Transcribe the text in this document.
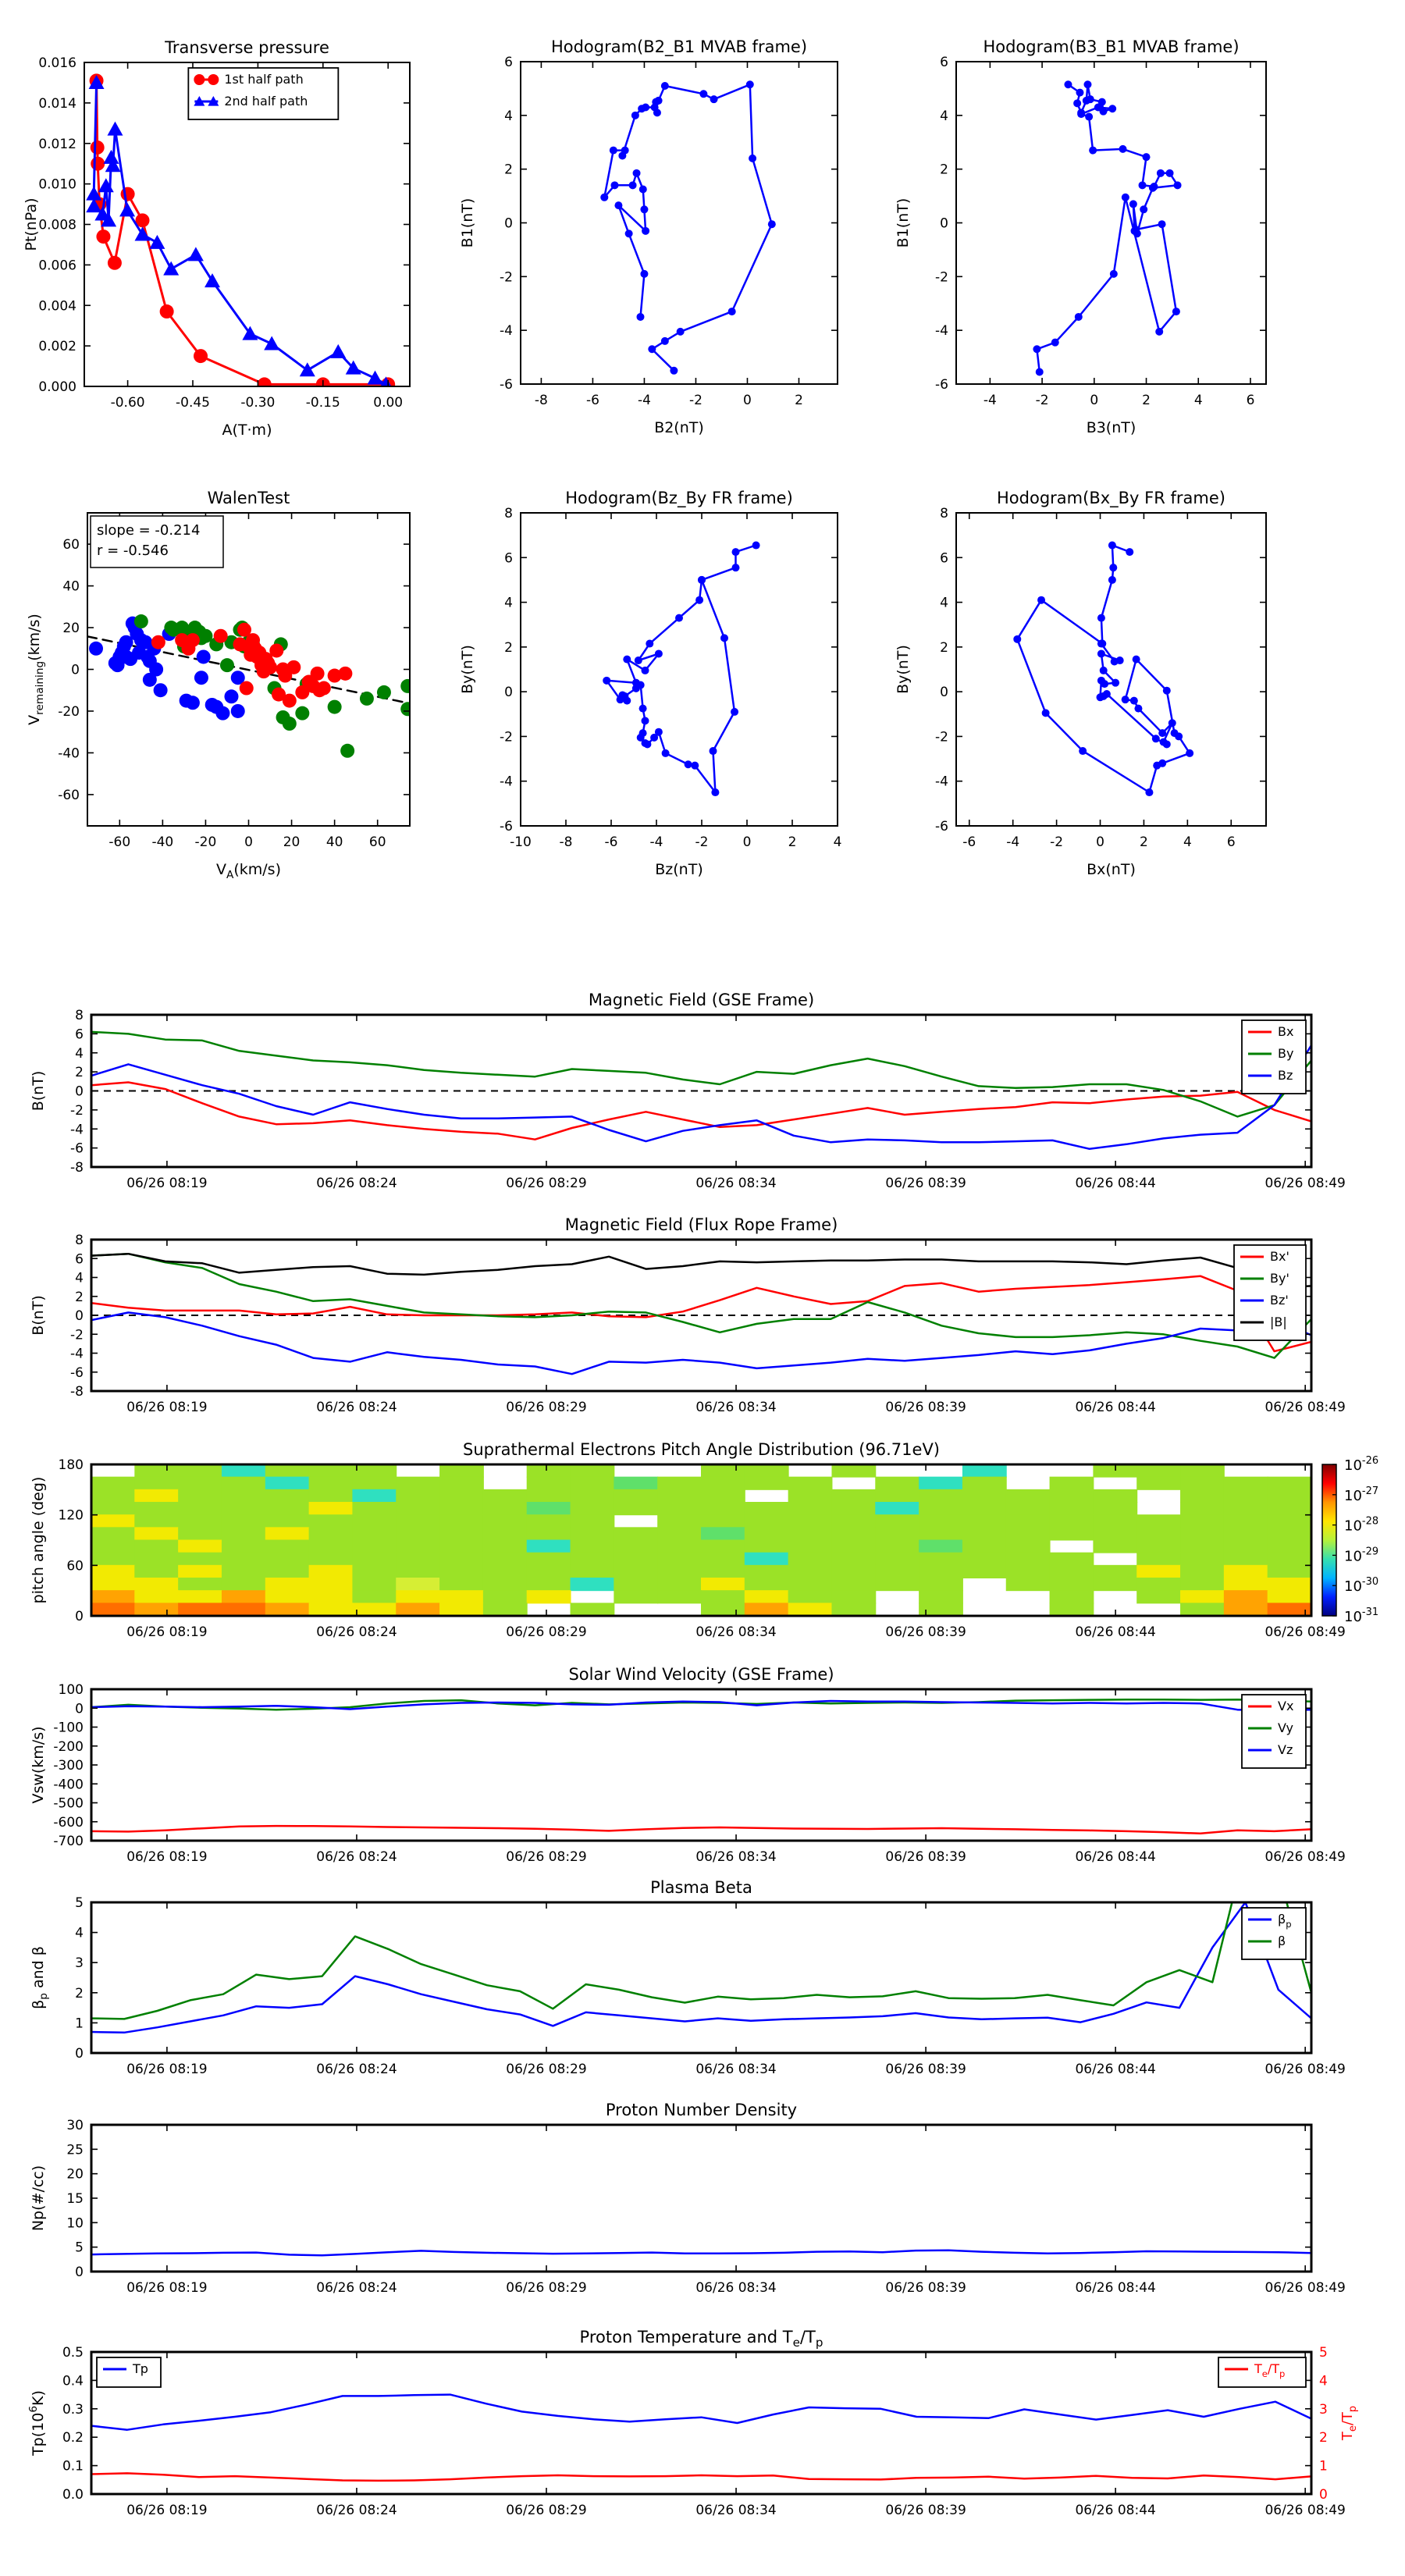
-0.60 -0.45 -0.30 -0.15 0.00
0.000
0.002
0.004
0.006
0.008
0.010
0.012
0.014
0.016
Transverse pressure
A(T·m)
Pt(nPa)
1st half path
2nd half path
-8	-6	-4	-2	0	2
-6
-4
-2
0
2
4
6
Hodogram(B2_B1 MVAB frame)
B2(nT)
B1(nT)
-4	-2	0	2	4	6
-6
-4
-2
0
2
4
6
Hodogram(B3_B1 MVAB frame)
B3(nT)
B1(nT)
-60 -40 -20 0 20 40 60
-60
-40
-20
0
20
40
60
WalenTest
$V_A(km/s)$
$V_{remaining}(km/s)$
slope = -0.214
r = -0.546
-10 -8 -6 -4 -2	0	2	4
-6
-4
-2
0
2
4
6
8
Hodogram(Bz_By FR frame)
Bz(nT)
By(nT)
-6 -4 -2 0	2	4	6
-6
-4
-2
0
2
4
6
8
Hodogram(Bx_By FR frame)
Bx(nT)
By(nT)
06/26 08:19	06/26 08:24	06/26 08:29	06/26 08:34	06/26 08:39	06/26 08:44	06/26 08:49
-8
-6
-4
-2
0
2
4
6
8
Magnetic Field (GSE Frame)
B(nT)
Bx
By
Bz
06/26 08:19	06/26 08:24	06/26 08:29	06/26 08:34	06/26 08:39	06/26 08:44	06/26 08:49
-8
-6
-4
-2
0
2
4
6
8
Magnetic Field (Flux Rope Frame)
B(nT)
Bx'
By'
Bz'
|B|
06/26 08:19	06/26 08:24	06/26 08:29	06/26 08:34	06/26 08:39	06/26 08:44	06/26 08:49
0
60
120
180
Suprathermal Electrons Pitch Angle Distribution (96.71eV)
pitch angle (deg)
$10^{-26}$
$10^{-27}$
$10^{-28}$
$10^{-29}$
$10^{-30}$
$10^{-31}$
06/26 08:19	06/26 08:24	06/26 08:29	06/26 08:34	06/26 08:39	06/26 08:44	06/26 08:49
-700
-600
-500
-400
-300
-200
-100
0
100
Solar Wind Velocity (GSE Frame)
Vsw(km/s)
Vx
Vy
Vz
06/26 08:19	06/26 08:24	06/26 08:29	06/26 08:34	06/26 08:39	06/26 08:44	06/26 08:49
0
1
2
3
4
5
Plasma Beta
$\beta_p$ and β
$\beta_p$
β
06/26 08:19	06/26 08:24	06/26 08:29	06/26 08:34	06/26 08:39	06/26 08:44	06/26 08:49
0
5
10
15
20
25
30
Proton Number Density
Np(#/cc)
06/26 08:19	06/26 08:24	06/26 08:29	06/26 08:34	06/26 08:39	06/26 08:44	06/26 08:49
0.0
0.1
0.2
0.3
0.4
0.5
0
1
2
3
4
5
$T_e/T_p$
Proton Temperature and $T_e/T_p$
$Tp(10^6K)$
Tp	$T_e/T_p$
